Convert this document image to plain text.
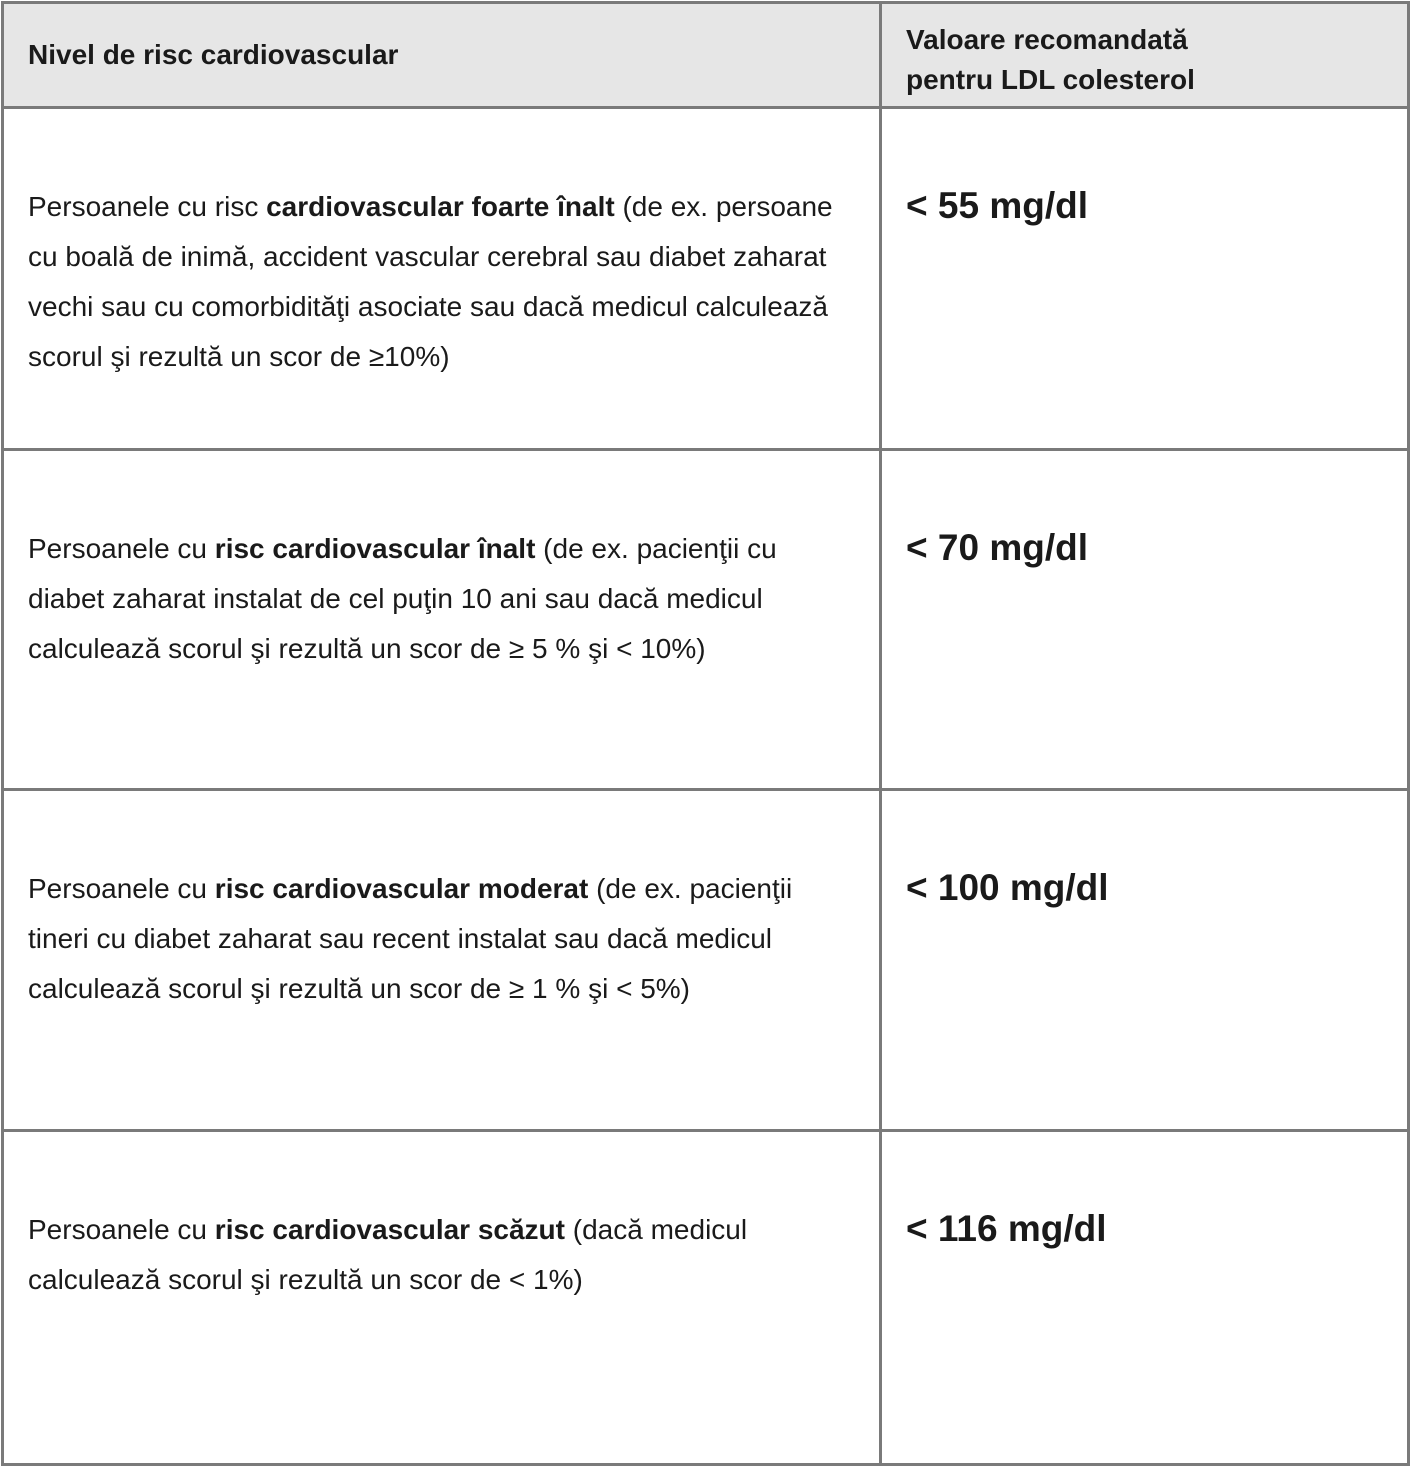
Nivel de risc cardiovascular	Valoare recomandată
pentru LDL colesterol

Persoanele cu risc cardiovascular foarte înalt (de ex. persoane cu boală de inimă, accident vascular cerebral sau diabet zaharat vechi sau cu comorbidităţi asociate sau dacă medicul calculează scorul şi rezultă un scor de ≥10%)

< 55 mg/dl

Persoanele cu risc cardiovascular înalt (de ex. pacienţii cu diabet zaharat instalat de cel puţin 10 ani sau dacă medicul calculează scorul şi rezultă un scor de ≥ 5 % şi < 10%)

< 70 mg/dl

Persoanele cu risc cardiovascular moderat (de ex. pacienţii tineri cu diabet zaharat sau recent instalat sau dacă medicul calculează scorul şi rezultă un scor de ≥ 1 % şi < 5%)

< 100 mg/dl

Persoanele cu risc cardiovascular scăzut (dacă medicul calculează scorul şi rezultă un scor de < 1%)

< 116 mg/dl
